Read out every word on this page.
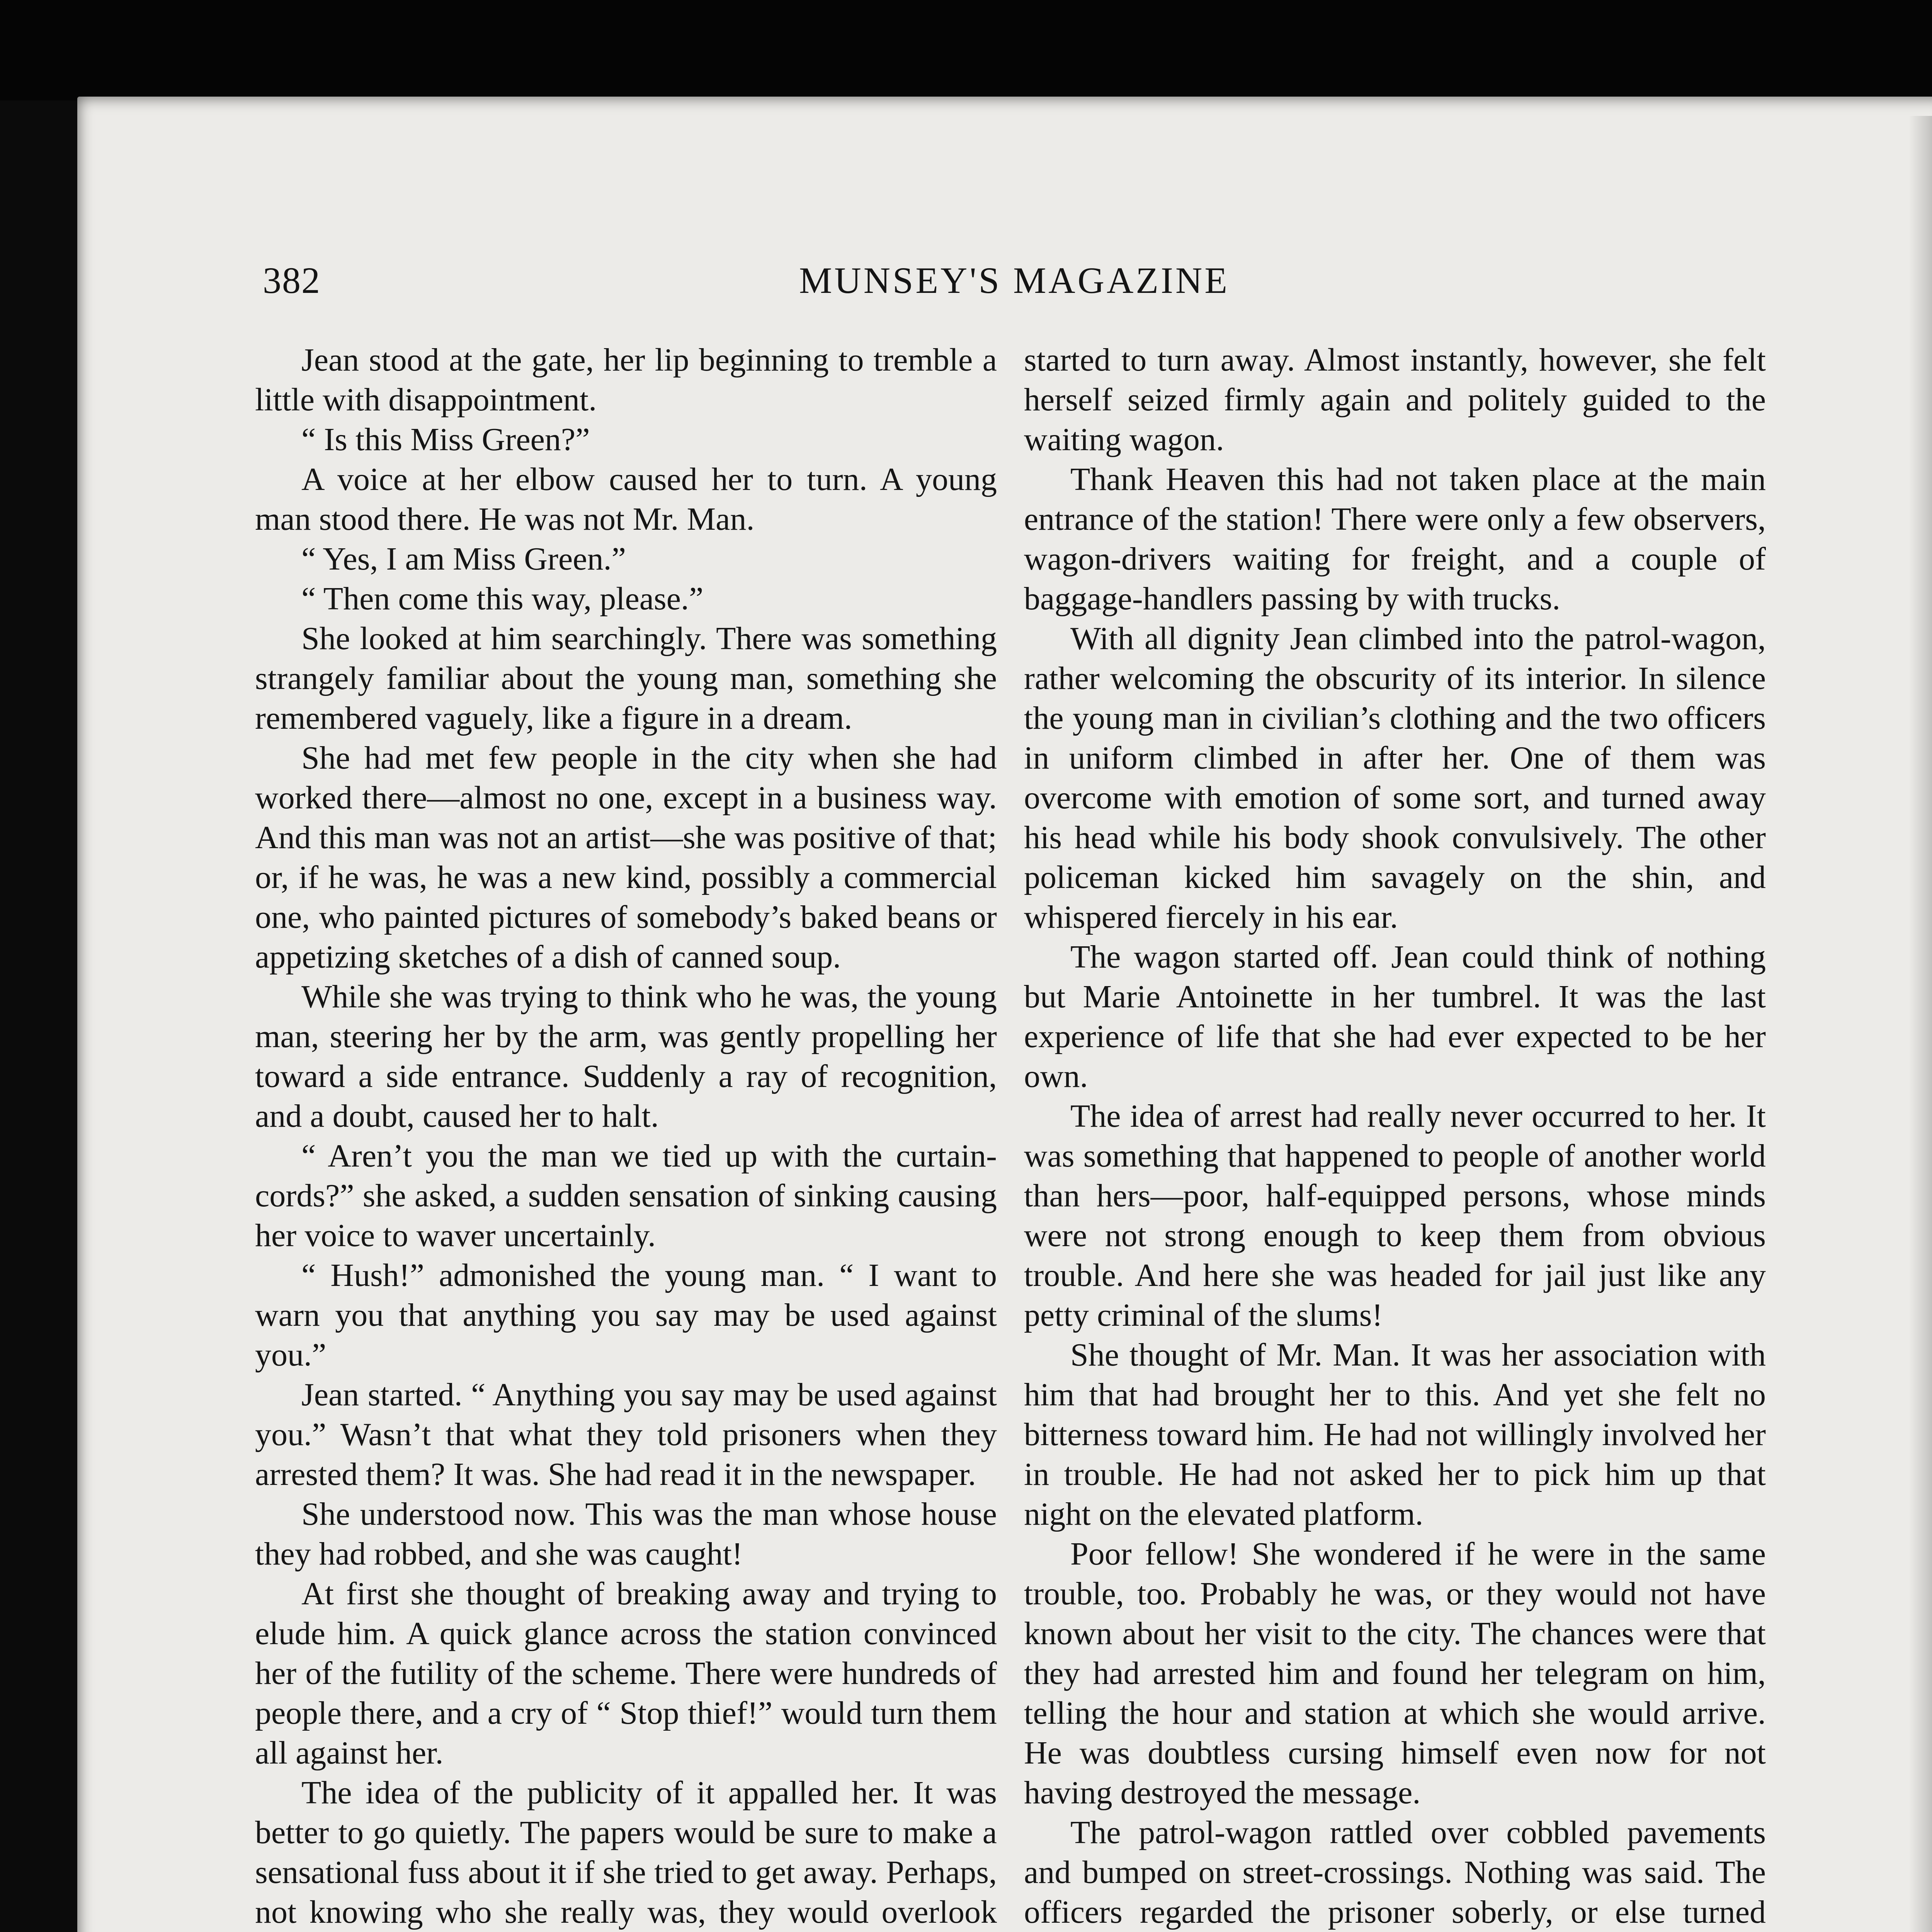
382	MUNSEY'S MAGAZINE

Jean stood at the gate, her lip beginning to tremble a little with disappointment.

“ Is this Miss Green?”

A voice at her elbow caused her to turn. A young man stood there. He was not Mr. Man.

“ Yes, I am Miss Green.”

“ Then come this way, please.”

She looked at him searchingly. There was something strangely familiar about the young man, something she remembered vaguely, like a figure in a dream.

She had met few people in the city when she had worked there—almost no one, except in a business way. And this man was not an artist—she was positive of that; or, if he was, he was a new kind, possibly a commercial one, who painted pictures of somebody’s baked beans or appetizing sketches of a dish of canned soup.

While she was trying to think who he was, the young man, steering her by the arm, was gently propelling her toward a side entrance. Suddenly a ray of recognition, and a doubt, caused her to halt.

“ Aren’t you the man we tied up with the curtain-cords?” she asked, a sudden sensation of sinking causing her voice to waver uncertainly.

“ Hush!” admonished the young man. “ I want to warn you that anything you say may be used against you.”

Jean started. “ Anything you say may be used against you.” Wasn’t that what they told prisoners when they arrested them? It was. She had read it in the newspaper.

She understood now. This was the man whose house they had robbed, and she was caught!

At first she thought of breaking away and trying to elude him. A quick glance across the station convinced her of the futility of the scheme. There were hundreds of people there, and a cry of “ Stop thief!” would turn them all against her.

The idea of the publicity of it appalled her. It was better to go quietly. The papers would be sure to make a sensational fuss about it if she tried to get away. Perhaps, not knowing who she really was, they would overlook

started to turn away. Almost instantly, however, she felt herself seized firmly again and politely guided to the waiting wagon.

Thank Heaven this had not taken place at the main entrance of the station! There were only a few observers, wagon-drivers waiting for freight, and a couple of baggage-handlers passing by with trucks.

With all dignity Jean climbed into the patrol-wagon, rather welcoming the obscurity of its interior. In silence the young man in civilian’s clothing and the two officers in uniform climbed in after her. One of them was overcome with emotion of some sort, and turned away his head while his body shook convulsively. The other policeman kicked him savagely on the shin, and whispered fiercely in his ear.

The wagon started off. Jean could think of nothing but Marie Antoinette in her tumbrel. It was the last experience of life that she had ever expected to be her own.

The idea of arrest had really never occurred to her. It was something that happened to people of another world than hers—poor, half-equipped persons, whose minds were not strong enough to keep them from obvious trouble. And here she was headed for jail just like any petty criminal of the slums!

She thought of Mr. Man. It was her association with him that had brought her to this. And yet she felt no bitterness toward him. He had not willingly involved her in trouble. He had not asked her to pick him up that night on the elevated platform.

Poor fellow! She wondered if he were in the same trouble, too. Probably he was, or they would not have known about her visit to the city. The chances were that they had arrested him and found her telegram on him, telling the hour and station at which she would arrive. He was doubtless cursing himself even now for not having destroyed the message.

The patrol-wagon rattled over cobbled pavements and bumped on street-crossings. Nothing was said. The officers regarded the prisoner soberly, or else turned
